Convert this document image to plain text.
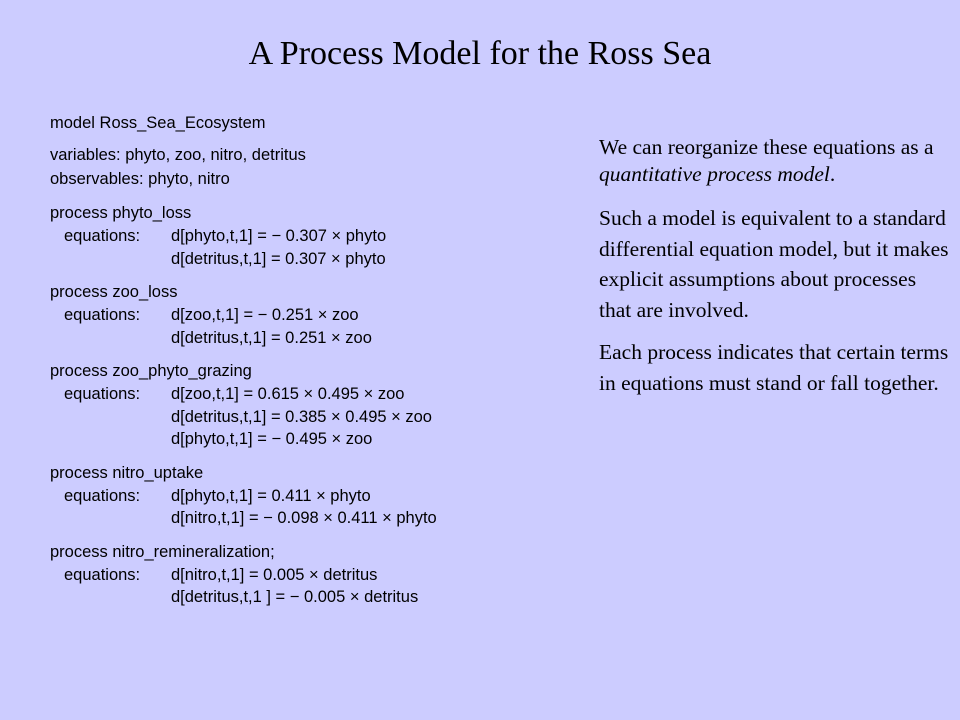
A Process Model for the Ross Sea
model Ross_Sea_Ecosystem
variables: phyto, zoo, nitro, detritus
observables: phyto, nitro
process phyto_loss
equations:	d[phyto,t,1] = − 0.307 × phyto
d[detritus,t,1] = 0.307 × phyto
process zoo_loss
equations:	d[zoo,t,1] = − 0.251 × zoo
d[detritus,t,1] = 0.251 × zoo
process zoo_phyto_grazing
equations:	d[zoo,t,1] = 0.615 × 0.495 × zoo
d[detritus,t,1] = 0.385 × 0.495 × zoo
d[phyto,t,1] = − 0.495 × zoo
process nitro_uptake
equations:	d[phyto,t,1] = 0.411 × phyto
d[nitro,t,1] = − 0.098 × 0.411 × phyto
process nitro_remineralization;
equations:	d[nitro,t,1] = 0.005 × detritus
d[detritus,t,1 ] = − 0.005 × detritus

We can reorganize these equations as a quantitative process model.

Such a model is equivalent to a standard differential equation model, but it makes explicit assumptions about processes that are involved.

Each process indicates that certain terms in equations must stand or fall together.
